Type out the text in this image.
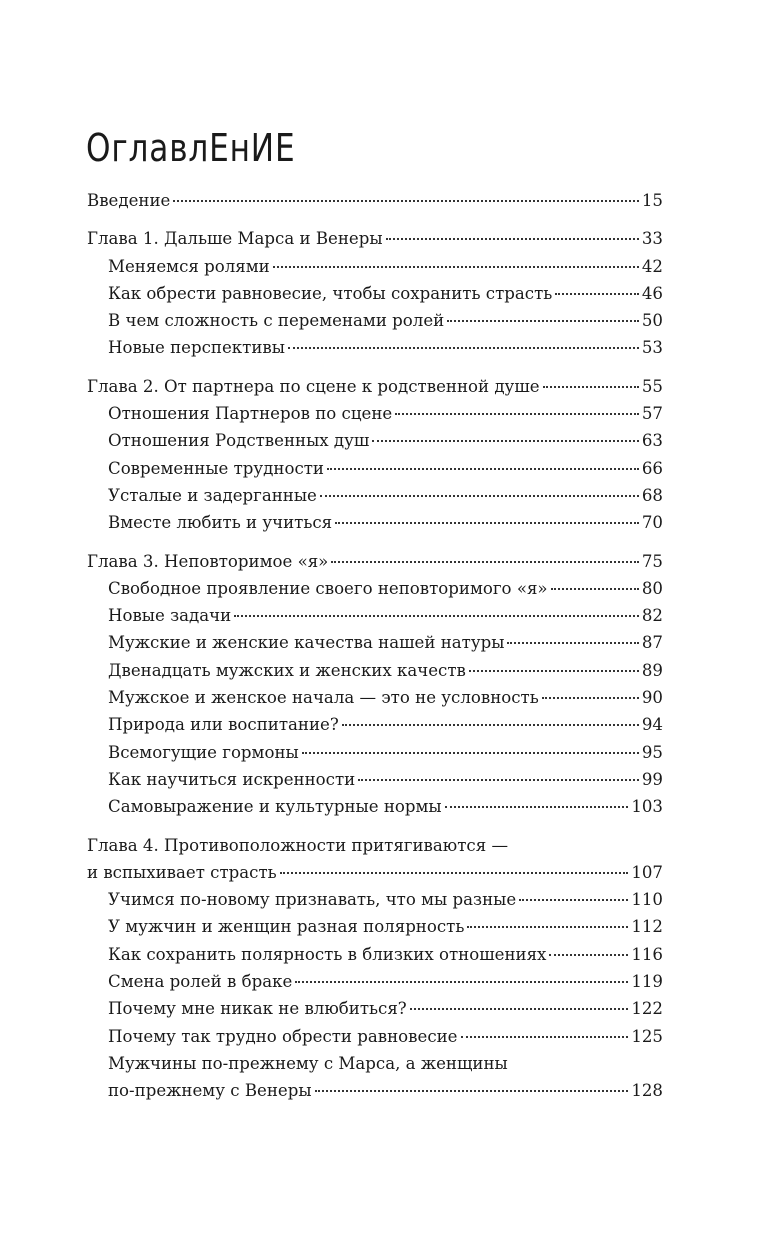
ОглавлЕнИЕ
Введение	15
Глава 1. Дальше Марса и Венеры	33
Меняемся ролями	42
Как обрести равновесие, чтобы сохранить страсть	46
В чем сложность с переменами ролей	50
Новые перспективы	53
Глава 2. От партнера по сцене к родственной душе	55
Отношения Партнеров по сцене	57
Отношения Родственных душ	63
Современные трудности	66
Усталые и задерганные	68
Вместе любить и учиться	70
Глава 3. Неповторимое «я»	75
Свободное проявление своего неповторимого «я»	80
Новые задачи	82
Мужские и женские качества нашей натуры	87
Двенадцать мужских и женских качеств	89
Мужское и женское начала — это не условность	90
Природа или воспитание?	94
Всемогущие гормоны	95
Как научиться искренности	99
Самовыражение и культурные нормы	103
Глава 4. Противоположности притягиваются —
и вспыхивает страсть	107
Учимся по-новому признавать, что мы разные	110
У мужчин и женщин разная полярность	112
Как сохранить полярность в близких отношениях	116
Смена ролей в браке	119
Почему мне никак не влюбиться?	122
Почему так трудно обрести равновесие	125
Мужчины по-прежнему с Марса, а женщины
по-прежнему с Венеры	128
